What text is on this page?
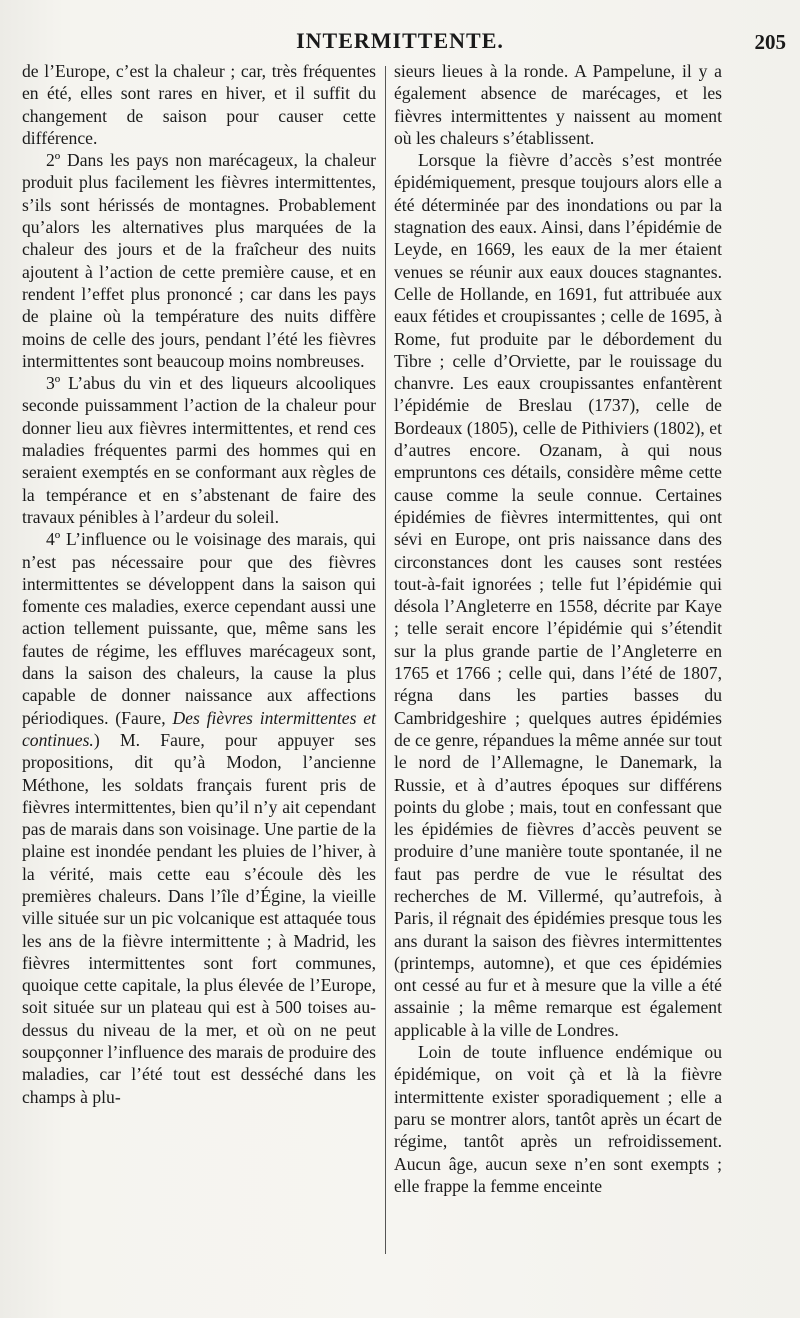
INTERMITTENTE.	205

de l’Europe, c’est la chaleur ; car, très fréquentes en été, elles sont rares en hiver, et il suffit du changement de saison pour causer cette différence.

2º Dans les pays non marécageux, la chaleur produit plus facilement les fièvres intermittentes, s’ils sont hérissés de montagnes. Probablement qu’alors les alternatives plus marquées de la chaleur des jours et de la fraîcheur des nuits ajoutent à l’action de cette première cause, et en rendent l’effet plus prononcé ; car dans les pays de plaine où la température des nuits diffère moins de celle des jours, pendant l’été les fièvres intermittentes sont beaucoup moins nombreuses.

3º L’abus du vin et des liqueurs alcooliques seconde puissamment l’action de la chaleur pour donner lieu aux fièvres intermittentes, et rend ces maladies fréquentes parmi des hommes qui en seraient exemptés en se conformant aux règles de la tempérance et en s’abstenant de faire des travaux pénibles à l’ardeur du soleil.

4º L’influence ou le voisinage des marais, qui n’est pas nécessaire pour que des fièvres intermittentes se développent dans la saison qui fomente ces maladies, exerce cependant aussi une action tellement puissante, que, même sans les fautes de régime, les effluves marécageux sont, dans la saison des chaleurs, la cause la plus capable de donner naissance aux affections périodiques. (Faure, Des fièvres intermittentes et continues.) M. Faure, pour appuyer ses propositions, dit qu’à Modon, l’ancienne Méthone, les soldats français furent pris de fièvres intermittentes, bien qu’il n’y ait cependant pas de marais dans son voisinage. Une partie de la plaine est inondée pendant les pluies de l’hiver, à la vérité, mais cette eau s’écoule dès les premières chaleurs. Dans l’île d’Égine, la vieille ville située sur un pic volcanique est attaquée tous les ans de la fièvre intermittente ; à Madrid, les fièvres intermittentes sont fort communes, quoique cette capitale, la plus élevée de l’Europe, soit située sur un plateau qui est à 500 toises au-dessus du niveau de la mer, et où on ne peut soupçonner l’influence des marais de produire des maladies, car l’été tout est desséché dans les champs à plu-

sieurs lieues à la ronde. A Pampelune, il y a également absence de marécages, et les fièvres intermittentes y naissent au moment où les chaleurs s’établissent.

Lorsque la fièvre d’accès s’est montrée épidémiquement, presque toujours alors elle a été déterminée par des inondations ou par la stagnation des eaux. Ainsi, dans l’épidémie de Leyde, en 1669, les eaux de la mer étaient venues se réunir aux eaux douces stagnantes. Celle de Hollande, en 1691, fut attribuée aux eaux fétides et croupissantes ; celle de 1695, à Rome, fut produite par le débordement du Tibre ; celle d’Orviette, par le rouissage du chanvre. Les eaux croupissantes enfantèrent l’épidémie de Breslau (1737), celle de Bordeaux (1805), celle de Pithiviers (1802), et d’autres encore. Ozanam, à qui nous empruntons ces détails, considère même cette cause comme la seule connue. Certaines épidémies de fièvres intermittentes, qui ont sévi en Europe, ont pris naissance dans des circonstances dont les causes sont restées tout-à-fait ignorées ; telle fut l’épidémie qui désola l’Angleterre en 1558, décrite par Kaye ; telle serait encore l’épidémie qui s’étendit sur la plus grande partie de l’Angleterre en 1765 et 1766 ; celle qui, dans l’été de 1807, régna dans les parties basses du Cambridgeshire ; quelques autres épidémies de ce genre, répandues la même année sur tout le nord de l’Allemagne, le Danemark, la Russie, et à d’autres époques sur différens points du globe ; mais, tout en confessant que les épidémies de fièvres d’accès peuvent se produire d’une manière toute spontanée, il ne faut pas perdre de vue le résultat des recherches de M. Villermé, qu’autrefois, à Paris, il régnait des épidémies presque tous les ans durant la saison des fièvres intermittentes (printemps, automne), et que ces épidémies ont cessé au fur et à mesure que la ville a été assainie ; la même remarque est également applicable à la ville de Londres.

Loin de toute influence endémique ou épidémique, on voit çà et là la fièvre intermittente exister sporadiquement ; elle a paru se montrer alors, tantôt après un écart de régime, tantôt après un refroidissement. Aucun âge, aucun sexe n’en sont exempts ; elle frappe la femme enceinte
